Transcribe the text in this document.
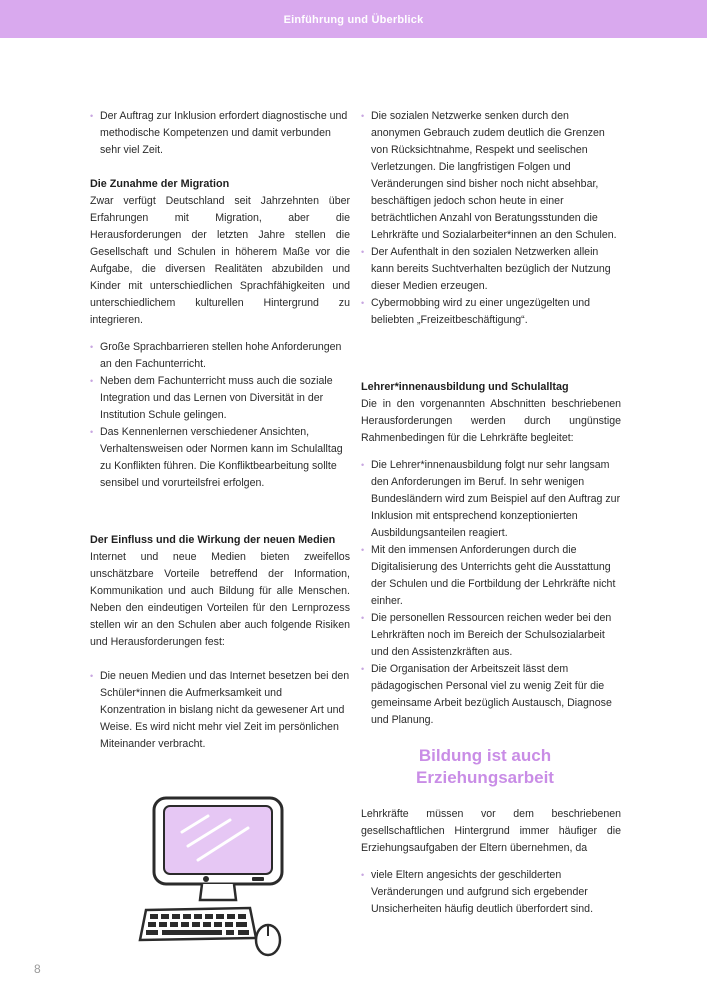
Einführung und Überblick

• Der Auftrag zur Inklusion erfordert diagnostische und methodische Kompetenzen und damit verbunden sehr viel Zeit.

Die Zunahme der Migration

Zwar verfügt Deutschland seit Jahrzehnten über Erfahrungen mit Migration, aber die Herausforderungen der letzten Jahre stellen die Gesellschaft und Schulen in höherem Maße vor die Aufgabe, die diversen Realitäten abzubilden und Kinder mit unterschiedlichen Sprachfähigkeiten und unterschiedlichem kulturellen Hintergrund zu integrieren.

• Große Sprachbarrieren stellen hohe Anforderungen an den Fachunterricht.

• Neben dem Fachunterricht muss auch die soziale Integration und das Lernen von Diversität in der Institution Schule gelingen.

• Das Kennenlernen verschiedener Ansichten, Verhaltensweisen oder Normen kann im Schulalltag zu Konflikten führen. Die Konfliktbearbeitung sollte sensibel und vorurteilsfrei erfolgen.

Der Einfluss und die Wirkung der neuen Medien

Internet und neue Medien bieten zweifellos unschätzbare Vorteile betreffend der Information, Kommunikation und auch Bildung für alle Menschen. Neben den eindeutigen Vorteilen für den Lernprozess stellen wir an den Schulen aber auch folgende Risiken und Herausforderungen fest:

• Die neuen Medien und das Internet besetzen bei den Schüler*innen die Aufmerksamkeit und Konzentration in bislang nicht da gewesener Art und Weise. Es wird nicht mehr viel Zeit im persönlichen Miteinander verbracht.

• Die sozialen Netzwerke senken durch den anonymen Gebrauch zudem deutlich die Grenzen von Rücksichtnahme, Respekt und seelischen Verletzungen. Die langfristigen Folgen und Veränderungen sind bisher noch nicht absehbar, beschäftigen jedoch schon heute in einer beträchtlichen Anzahl von Beratungsstunden die Lehrkräfte und Sozialarbeiter*innen an den Schulen.

• Der Aufenthalt in den sozialen Netzwerken allein kann bereits Suchtverhalten bezüglich der Nutzung dieser Medien erzeugen.

• Cybermobbing wird zu einer ungezügelten und beliebten „Freizeitbeschäftigung“.

Lehrer*innenausbildung und Schulalltag

Die in den vorgenannten Abschnitten beschriebenen Herausforderungen werden durch ungünstige Rahmenbedingen für die Lehrkräfte begleitet:

• Die Lehrer*innenausbildung folgt nur sehr langsam den Anforderungen im Beruf. In sehr wenigen Bundesländern wird zum Beispiel auf den Auftrag zur Inklusion mit entsprechend konzeptionierten Ausbildungsanteilen reagiert.

• Mit den immensen Anforderungen durch die Digitalisierung des Unterrichts geht die Ausstattung der Schulen und die Fortbildung der Lehrkräfte nicht einher.

• Die personellen Ressourcen reichen weder bei den Lehrkräften noch im Bereich der Schulsozialarbeit und den Assistenzkräften aus.

• Die Organisation der Arbeitszeit lässt dem pädagogischen Personal viel zu wenig Zeit für die gemeinsame Arbeit bezüglich Austausch, Diagnose und Planung.

Bildung ist auch
Erziehungsarbeit

Lehrkräfte müssen vor dem beschriebenen gesellschaftlichen Hintergrund immer häufiger die Erziehungsaufgaben der Eltern übernehmen, da

• viele Eltern angesichts der geschilderten Veränderungen und aufgrund sich ergebender Unsicherheiten häufig deutlich überfordert sind.

8
